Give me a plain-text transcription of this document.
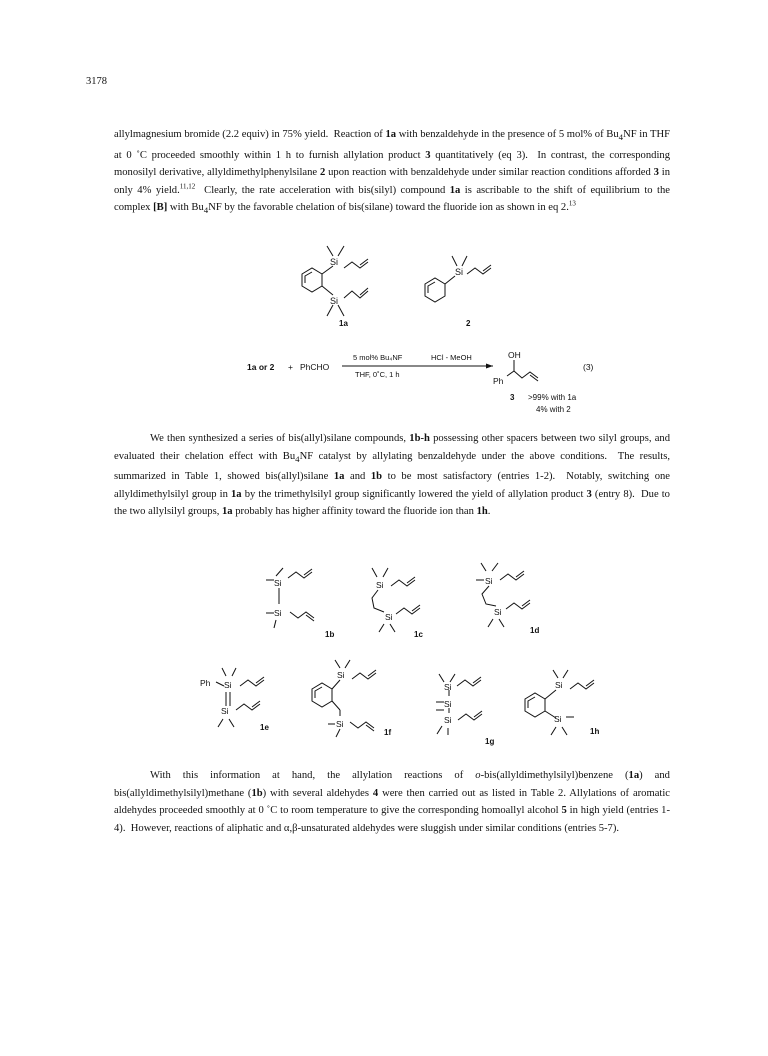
3178

allylmagnesium bromide (2.2 equiv) in 75% yield.  Reaction of 1a with benzaldehyde in the presence of 5 mol% of $Bu_4NF$ in THF at 0 ˚C proceeded smoothly within 1 h to furnish allylation product 3 quantitatively (eq 3).  In contrast, the corresponding monosilyl derivative, allyldimethylphenylsilane 2 upon reaction with benzaldehyde under similar reaction conditions afforded 3 in only 4% yield.$^{11,12}$  Clearly, the rate acceleration with bis(silyl) compound 1a is ascribable to the shift of equilibrium to the complex [B] with $Bu_4NF$ by the favorable chelation of bis(silane) toward the fluoride ion as shown in eq 2.13

Si
Si
1a
Si
2
1a or 2 + PhCHO
5 mol% Bu₄NF
THF, 0˚C, 1 h
HCl - MeOH	OH
Ph
(3)
3 >99% with 1a
4% with 2

We then synthesized a series of bis(allyl)silane compounds, 1b-h possessing other spacers between two silyl groups, and evaluated their chelation effect with $Bu_4NF$ catalyst by allylating benzaldehyde under the above conditions.  The results, summarized in Table 1, showed bis(allyl)silane 1a and 1b to be most satisfactory (entries 1-2).  Notably, switching one allyldimethylsilyl group in 1a by the trimethylsilyl group significantly lowered the yield of allylation product 3 (entry 8).  Due to the two allylsilyl groups, 1a probably has higher affinity toward the fluoride ion than 1h.

Si
Si
1b
Si
Si
1c
Si
Si
1d
Ph Si
Si
1e
Si
Si
1f
Si
Si
Si
1g
Si
Si
1h

With this information at hand, the allylation reactions of o-bis(allyldimethylsilyl)benzene (1a) and bis(allyldimethylsilyl)methane (1b) with several aldehydes 4 were then carried out as listed in Table 2. Allylations of aromatic aldehydes proceeded smoothly at 0 ˚C to room temperature to give the corresponding homoallyl alcohol 5 in high yield (entries 1-4).  However, reactions of aliphatic and α,β-unsaturated aldehydes were sluggish under similar conditions (entries 5-7).
